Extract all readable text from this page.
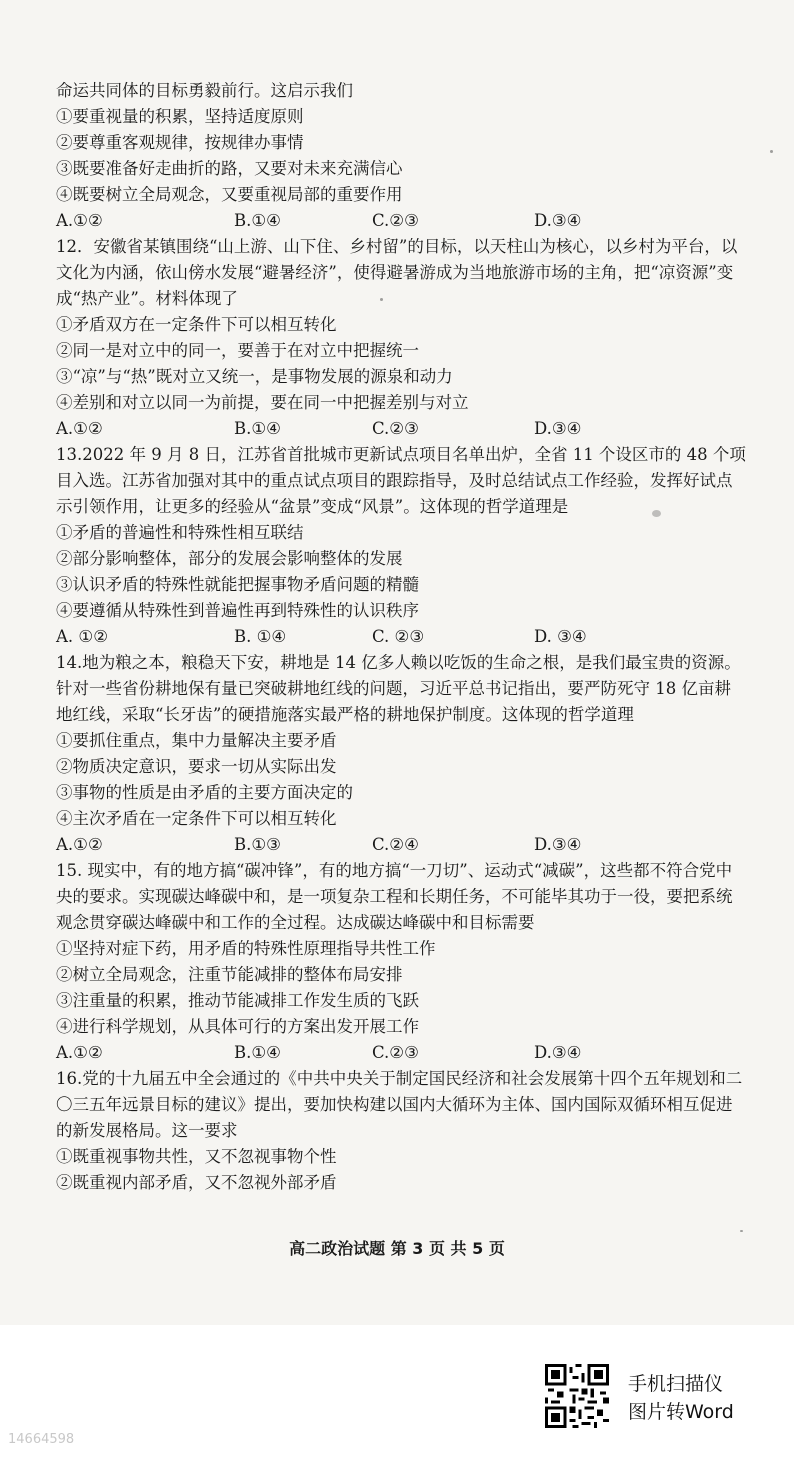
命运共同体的目标勇毅前行。这启示我们
①要重视量的积累，坚持适度原则
②要尊重客观规律，按规律办事情
③既要准备好走曲折的路，又要对未来充满信心
④既要树立全局观念，又要重视局部的重要作用
A.①②	B.①④	C.②③	D.③④
12．安徽省某镇围绕“山上游、山下住、乡村留”的目标，以天柱山为核心，以乡村为平台，以文化为内涵，依山傍水发展“避暑经济”，使得避暑游成为当地旅游市场的主角，把“凉资源”变成“热产业”。材料体现了
①矛盾双方在一定条件下可以相互转化
②同一是对立中的同一，要善于在对立中把握统一
③“凉”与“热”既对立又统一，是事物发展的源泉和动力
④差别和对立以同一为前提，要在同一中把握差别与对立
A.①②	B.①④	C.②③	D.③④
13.2022 年 9 月 8 日，江苏省首批城市更新试点项目名单出炉，全省 11 个设区市的 48 个项目入选。江苏省加强对其中的重点试点项目的跟踪指导，及时总结试点工作经验，发挥好试点示引领作用，让更多的经验从“盆景”变成“风景”。这体现的哲学道理是
①矛盾的普遍性和特殊性相互联结
②部分影响整体，部分的发展会影响整体的发展
③认识矛盾的特殊性就能把握事物矛盾问题的精髓
④要遵循从特殊性到普遍性再到特殊性的认识秩序
A. ①②	B. ①④	C. ②③	D. ③④
14.地为粮之本，粮稳天下安，耕地是 14 亿多人赖以吃饭的生命之根，是我们最宝贵的资源。针对一些省份耕地保有量已突破耕地红线的问题，习近平总书记指出，要严防死守 18 亿亩耕地红线，采取“长牙齿”的硬措施落实最严格的耕地保护制度。这体现的哲学道理
①要抓住重点，集中力量解决主要矛盾
②物质决定意识，要求一切从实际出发
③事物的性质是由矛盾的主要方面决定的
④主次矛盾在一定条件下可以相互转化
A.①②	B.①③	C.②④	D.③④
15. 现实中，有的地方搞“碳冲锋”，有的地方搞“一刀切”、运动式“减碳”，这些都不符合党中央的要求。实现碳达峰碳中和，是一项复杂工程和长期任务，不可能毕其功于一役，要把系统观念贯穿碳达峰碳中和工作的全过程。达成碳达峰碳中和目标需要
①坚持对症下药，用矛盾的特殊性原理指导共性工作
②树立全局观念，注重节能减排的整体布局安排
③注重量的积累，推动节能减排工作发生质的飞跃
④进行科学规划，从具体可行的方案出发开展工作
A.①②	B.①④	C.②③	D.③④
16.党的十九届五中全会通过的《中共中央关于制定国民经济和社会发展第十四个五年规划和二〇三五年远景目标的建议》提出，要加快构建以国内大循环为主体、国内国际双循环相互促进的新发展格局。这一要求
①既重视事物共性，又不忽视事物个性
②既重视内部矛盾，又不忽视外部矛盾
高二政治试题 第 3 页 共 5 页
手机扫描仪
图片转Word
14664598
